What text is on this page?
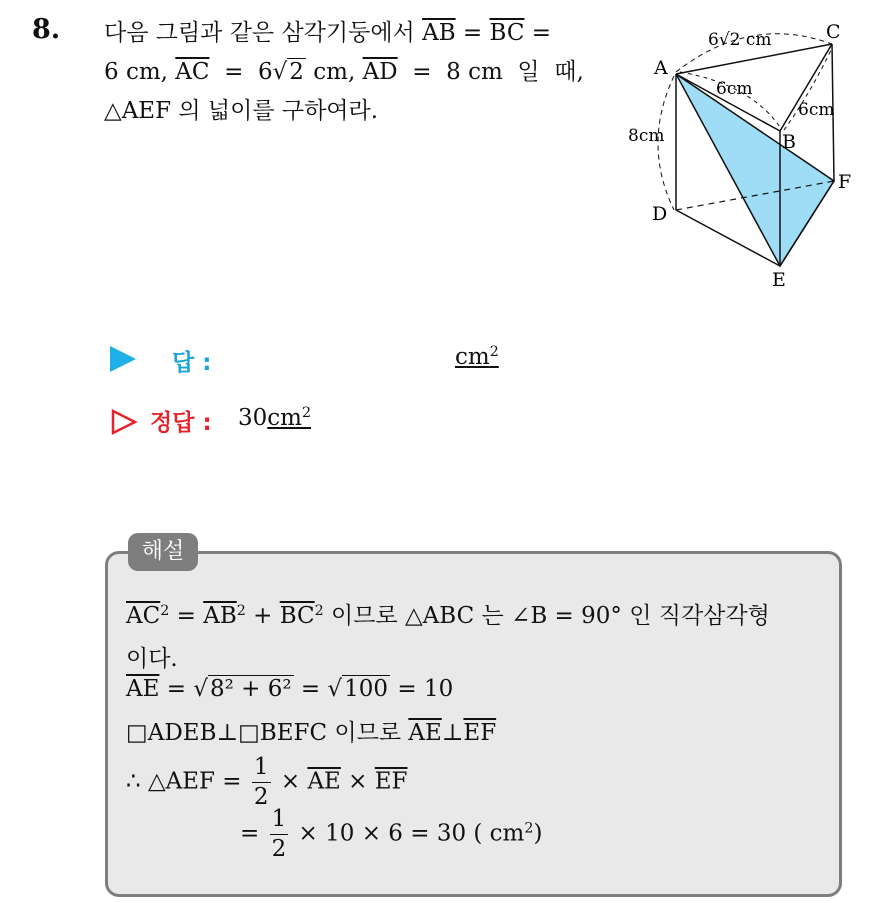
8. 다음 그림과 같은 삼각기둥에서 $\overline{AB} = \overline{BC}$ =
6 cm, $\overline{AC} = 6√2$ cm, $\overline{AD} = 8$ cm  일  때,
△AEF 의 넓이를 구하여라.
A
B
C
D
E
F
6√2 cm
6cm
6cm
8cm
답 :	$cm^2$
정답 : $30cm^2$
해설
$\overline{AC}^2 = \overline{AB}^2 + \overline{BC}^2$ 이므로 △ABC 는 ∠B = 90° 인 직각삼각형
이다.
$\overline{AE} = √8^2 + 6^2 = √100 = 10$
□ADEB⊥□BEFC 이므로 $\overline{AE}\perp\overline{EF}$
∴ △AEF = $\frac{1}{2} \times \overline{AE} \times \overline{EF}$
= $\frac{1}{2} \times 10 \times 6 = 30$ ( $cm^2$)
